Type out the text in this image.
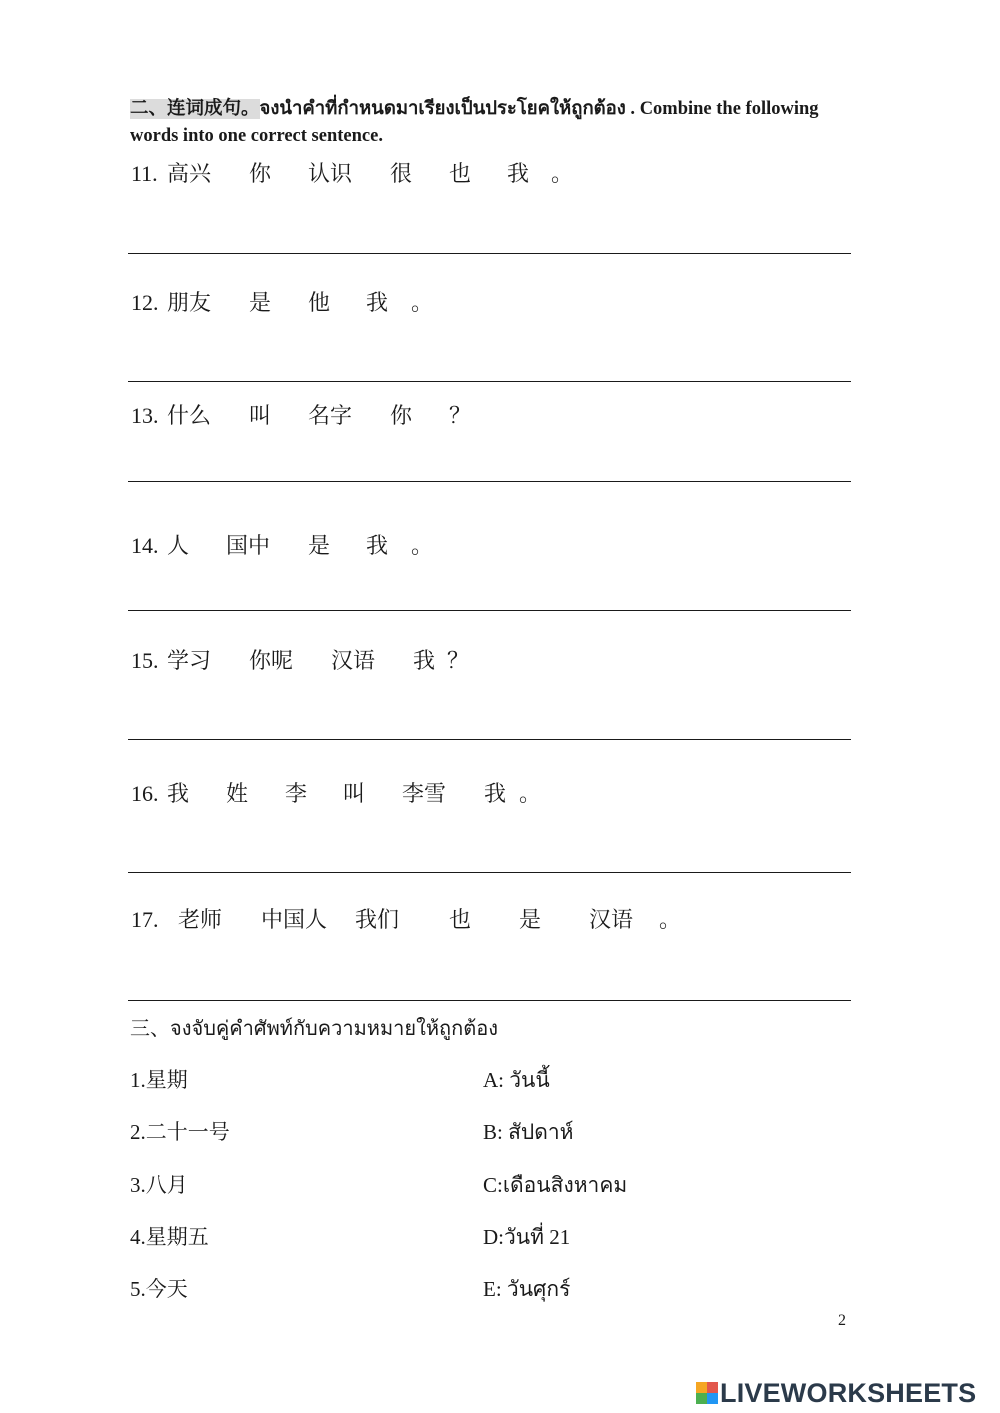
二、连词成句。จงนำคำที่กำหนดมาเรียงเป็นประโยคให้ถูกต้อง . Combine the following words into one correct sentence.
11. 高兴 你 认识 很 也 我 。
12. 朋友 是 他 我 。
13. 什么 叫 名字 你 ？
14. 人 国中 是 我 。
15. 学习 你呢 汉语 我 ？
16. 我 姓 李 叫 李雪 我 。
17. 老师 中国人 我们 也 是 汉语 。
三、จงจับคู่คำศัพท์กับความหมายให้ถูกต้อง
1.星期	A: วันนี้
2.二十一号	B: สัปดาห์
3.八月	C:เดือนสิงหาคม
4.星期五	D:วันที่ 21
5.今天	E: วันศุกร์
2
LIVEWORKSHEETS
